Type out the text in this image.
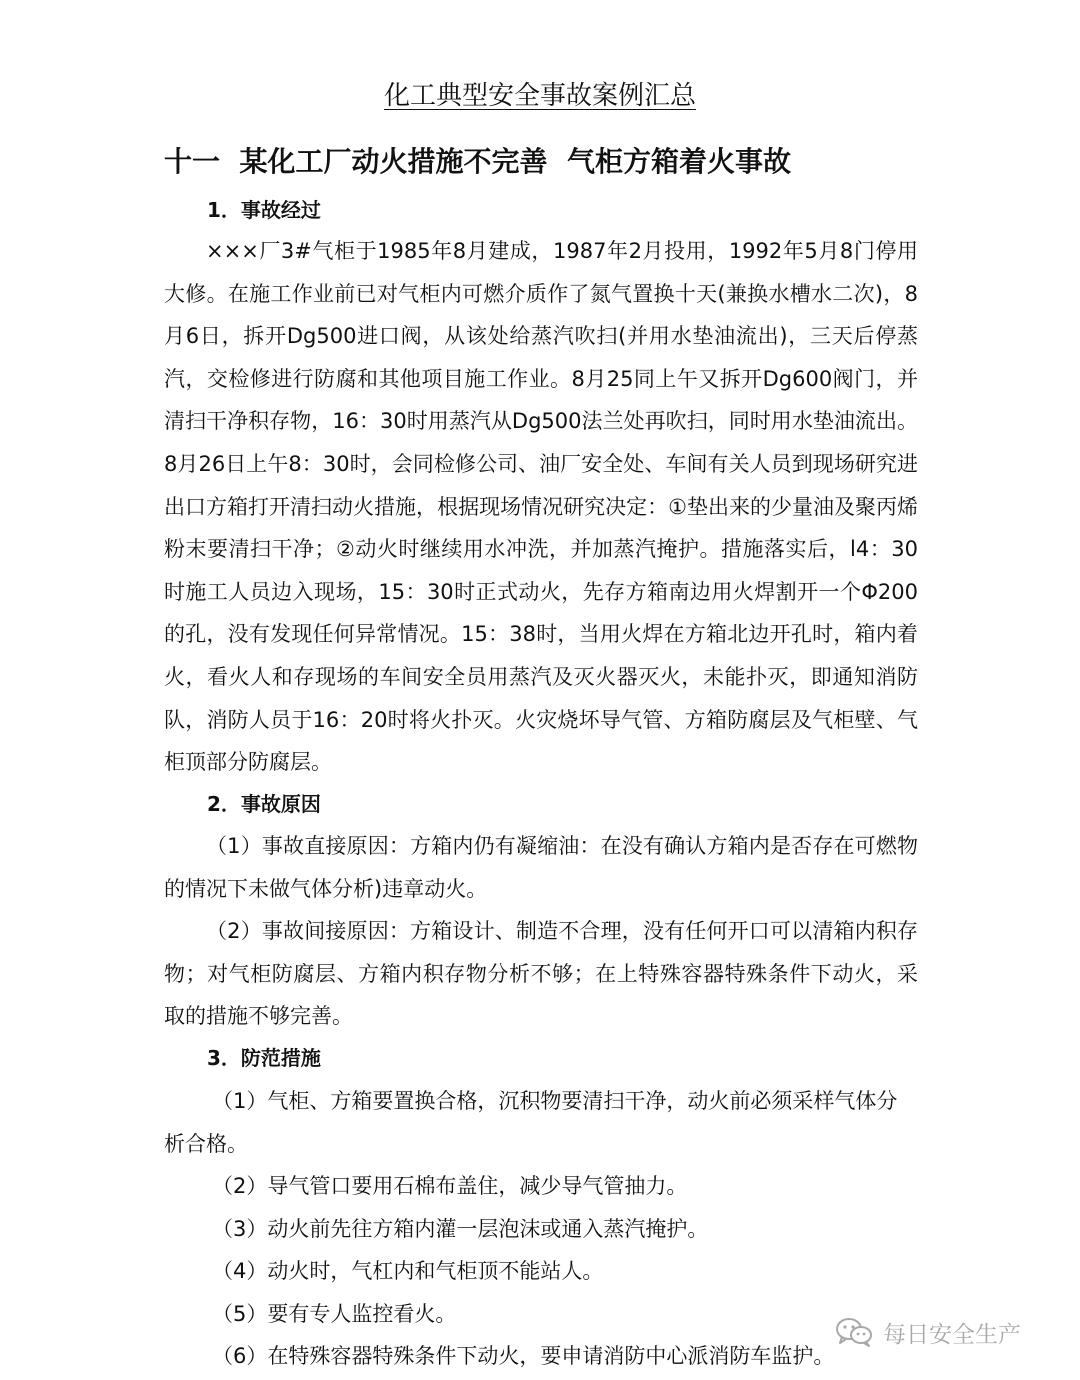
化工典型安全事故案例汇总
十一  某化工厂动火措施不完善  气柜方箱着火事故
1．事故经过

×××厂3#气柜于1985年8月建成，1987年2月投用，1992年5月8门停用大修。在施工作业前已对气柜内可燃介质作了氮气置换十天(兼换水槽水二次)，8月6日，拆开Dg500进口阀，从该处给蒸汽吹扫(并用水垫油流出)，三天后停蒸汽，交检修进行防腐和其他项目施工作业。8月25同上午又拆开Dg600阀门，并清扫干净积存物，16：30时用蒸汽从Dg500法兰处再吹扫，同时用水垫油流出。8月26日上午8：30时，会同检修公司、油厂安全处、车间有关人员到现场研究进出口方箱打开清扫动火措施，根据现场情况研究决定：①垫出来的少量油及聚丙烯粉末要清扫干净；②动火时继续用水冲洗，并加蒸汽掩护。措施落实后，l4：30时施工人员边入现场，15：30时正式动火，先存方箱南边用火焊割开一个Φ200的孔，没有发现任何异常情况。15：38时，当用火焊在方箱北边开孔时，箱内着火，看火人和存现场的车间安全员用蒸汽及灭火器灭火，未能扑灭，即通知消防队，消防人员于16：20时将火扑灭。火灾烧坏导气管、方箱防腐层及气柜壁、气柜顶部分防腐层。

2．事故原因

（1）事故直接原因：方箱内仍有凝缩油：在没有确认方箱内是否存在可燃物的情况下未做气体分析)违章动火。

（2）事故间接原因：方箱设计、制造不合理，没有任何开口可以清箱内积存物；对气柜防腐层、方箱内积存物分析不够；在上特殊容器特殊条件下动火，采取的措施不够完善。

3．防范措施

（1）气柜、方箱要置换合格，沉积物要清扫干净，动火前必须采样气体分析合格。

（2）导气管口要用石棉布盖住，减少导气管抽力。

（3）动火前先往方箱内灌一层泡沫或通入蒸汽掩护。

（4）动火时，气杠内和气柜顶不能站人。

（5）要有专人监控看火。

（6）在特殊容器特殊条件下动火，要申请消防中心派消防车监护。

每日安全生产
